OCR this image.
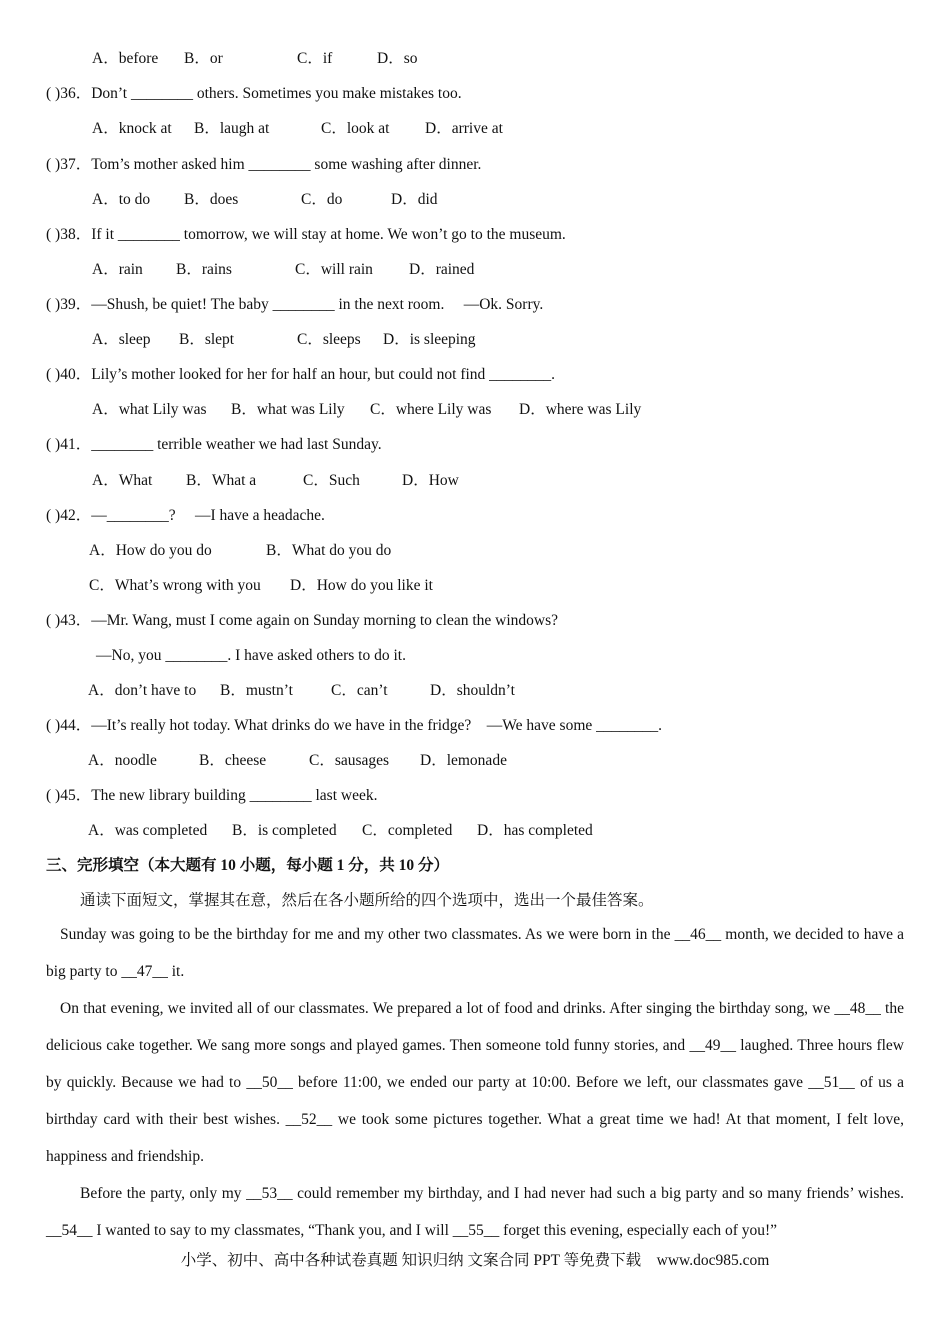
A．before B．or	C．if	D．so
( )36．Don’t ________ others. Sometimes you make mistakes too.
A．knock at B．laugh at	C．look at D．arrive at
( )37．Tom’s mother asked him ________ some washing after dinner.
A．to do B．does	C．do	D．did
( )38．If it ________ tomorrow, we will stay at home. We won’t go to the museum.
A．rain B．rains	C．will rain D．rained
( )39．—Shush, be quiet! The baby ________ in the next room.　 —Ok. Sorry.
A．sleep B．slept	C．sleeps D．is sleeping
( )40．Lily’s mother looked for her for half an hour, but could not find ________.
A．what Lily was B．what was Lily C．where Lily was D．where was Lily
( )41．________ terrible weather we had last Sunday.
A．What B．What a	C．Such	D．How
( )42．—________?　 —I have a headache.
A．How do you do	B．What do you do
C．What’s wrong with you D．How do you like it
( )43．—Mr. Wang, must I come again on Sunday morning to clean the windows?
—No, you ________. I have asked others to do it.
A．don’t have to B．mustn’t C．can’t	D．shouldn’t
( )44．—It’s really hot today. What drinks do we have in the fridge?　—We have some ________.
A．noodle	B．cheese	C．sausages D．lemonade
( )45．The new library building ________ last week.
A．was completed B．is completed C．completed D．has completed
三、完形填空（本大题有 10 小题，每小题 1 分，共 10 分）
通读下面短文，掌握其在意，然后在各小题所给的四个选项中，选出一个最佳答案。

Sunday was going to be the birthday for me and my other two classmates. As we were born in the __46__ month, we decided to have a big party to __47__ it.

On that evening, we invited all of our classmates. We prepared a lot of food and drinks. After singing the birthday song, we __48__ the delicious cake together. We sang more songs and played games. Then someone told funny stories, and __49__ laughed. Three hours flew by quickly. Because we had to __50__ before 11:00, we ended our party at 10:00. Before we left, our classmates gave __51__ of us a birthday card with their best wishes. __52__ we took some pictures together. What a great time we had! At that moment, I felt love, happiness and friendship.

Before the party, only my __53__ could remember my birthday, and I had never had such a big party and so many friends’ wishes. __54__ I wanted to say to my classmates, “Thank you, and I will __55__ forget this evening, especially each of you!”

小学、初中、高中各种试卷真题 知识归纳 文案合同 PPT 等免费下载　www.doc985.com
